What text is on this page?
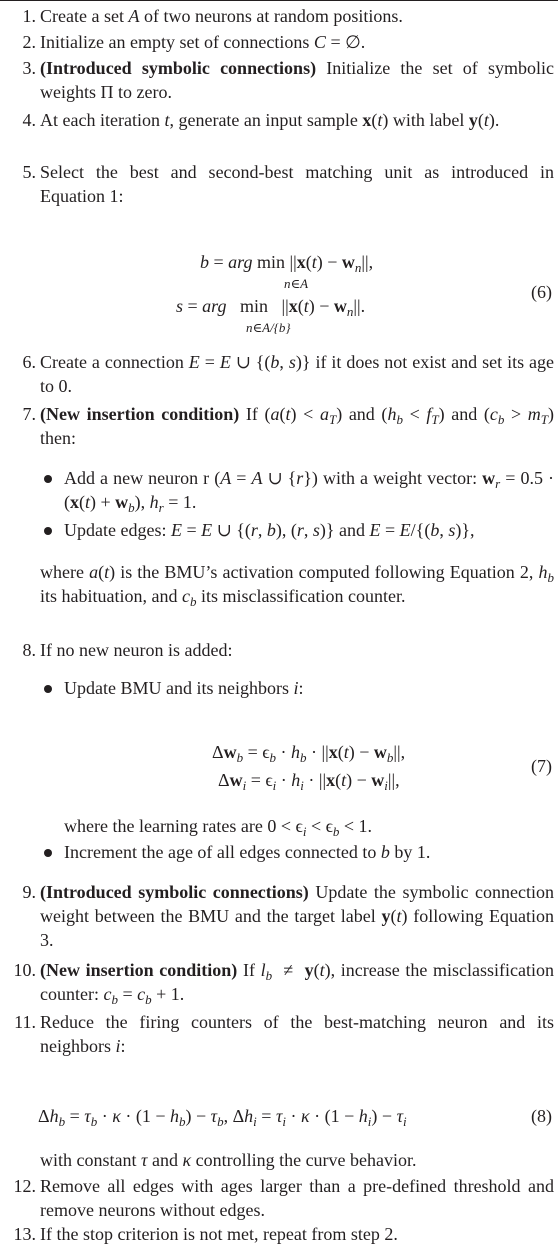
1. Create a set A of two neurons at random positions.
2. Initialize an empty set of connections C = ∅.
3. (Introduced symbolic connections) Initialize the set of symbolic weights Π to zero.
4. At each iteration t, generate an input sample x(t) with label y(t).
5. Select the best and second-best matching unit as introduced in Equation 1:
b = arg $\min ||x(t) - w_n||$,
n∈A
s = arg   $\min ||x(t) - w_n||$.
n∈A/{b}
(6)
6. Create a connection E = E ∪ {(b, s)} if it does not exist and set its age to 0.
7. (New insertion condition) If $(a(t) < a_T)$ and $(h_b < f_T)$ and $(c_b > m_T)$ then:
Add a new neuron r (A = A ∪ {r}) with a weight vector: $w_r = 0.5 \cdot (x(t) + w_b)$, $h_r = 1$.
Update edges: E = E ∪ {(r, b), (r, s)} and E = E/{(b, s)},
where a(t) is the BMU’s activation computed following Equation 2, $h_b$ its habituation, and $c_b$ its misclassification counter.
8. If no new neuron is added:
Update BMU and its neighbors i:
$\Delta w_b = \epsilon_b \cdot h_b \cdot ||x(t) - w_b||$,
$\Delta w_i = \epsilon_i \cdot h_i \cdot ||x(t) - w_i||$,
(7)
where the learning rates are $0 < \epsilon_i < \epsilon_b < 1$.
Increment the age of all edges connected to b by 1.
9. (Introduced symbolic connections) Update the symbolic connection weight between the BMU and the target label y(t) following Equation 3.
10. (New insertion condition) If $l_b \ne y(t)$, increase the misclassification counter: $c_b = c_b + 1$.
11. Reduce the firing counters of the best-matching neuron and its neighbors i:
$\Delta h_b = \tau_b \cdot \kappa \cdot (1 - h_b) - \tau_b$, $\Delta h_i = \tau_i \cdot \kappa \cdot (1 - h_i) - \tau_i$	(8)
with constant τ and κ controlling the curve behavior.
12. Remove all edges with ages larger than a pre-defined threshold and remove neurons without edges.
13. If the stop criterion is not met, repeat from step 2.
